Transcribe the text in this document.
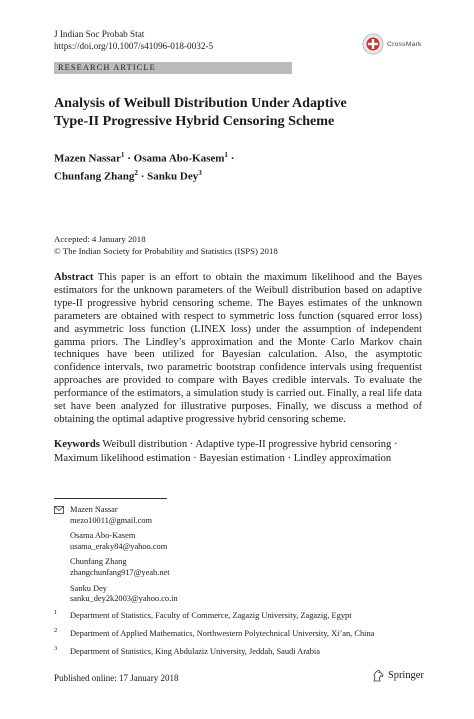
J Indian Soc Probab Stat
https://doi.org/10.1007/s41096-018-0032-5	CrossMark
RESEARCH ARTICLE
Analysis of Weibull Distribution Under Adaptive
Type-II Progressive Hybrid Censoring Scheme
Mazen Nassar$^1$ · Osama Abo-Kasem$^1$ ·
Chunfang Zhang$^2$ · Sanku Dey$^3$
Accepted: 4 January 2018
© The Indian Society for Probability and Statistics (ISPS) 2018
Abstract This paper is an effort to obtain the maximum likelihood and the Bayes estimators for the unknown parameters of the Weibull distribution based on adaptive type-II progressive hybrid censoring scheme. The Bayes estimates of the unknown parameters are obtained with respect to symmetric loss function (squared error loss) and asymmetric loss function (LINEX loss) under the assumption of independent gamma priors. The Lindley’s approximation and the Monte Carlo Markov chain techniques have been utilized for Bayesian calculation. Also, the asymptotic confidence intervals, two parametric bootstrap confidence intervals using frequentist approaches are provided to compare with Bayes credible intervals. To evaluate the performance of the estimators, a simulation study is carried out. Finally, a real life data set have been analyzed for illustrative purposes. Finally, we discuss a method of obtaining the optimal adaptive progressive hybrid censoring scheme.
Keywords Weibull distribution · Adaptive type-II progressive hybrid censoring · Maximum likelihood estimation · Bayesian estimation · Lindley approximation
Mazen Nassar
mezo10011@gmail.com
Osama Abo-Kasem
usama_eraky84@yahoo.com
Chunfang Zhang
zhangchunfang917@yeah.net
Sanku Dey
sanku_dey2k2003@yahoo.co.in
1 Department of Statistics, Faculty of Commerce, Zagazig University, Zagazig, Egypt
2 Department of Applied Mathematics, Northwestern Polytechnical University, Xi’an, China
3 Department of Statistics, King Abdulaziz University, Jeddah, Saudi Arabia
Published online: 17 January 2018	Springer
